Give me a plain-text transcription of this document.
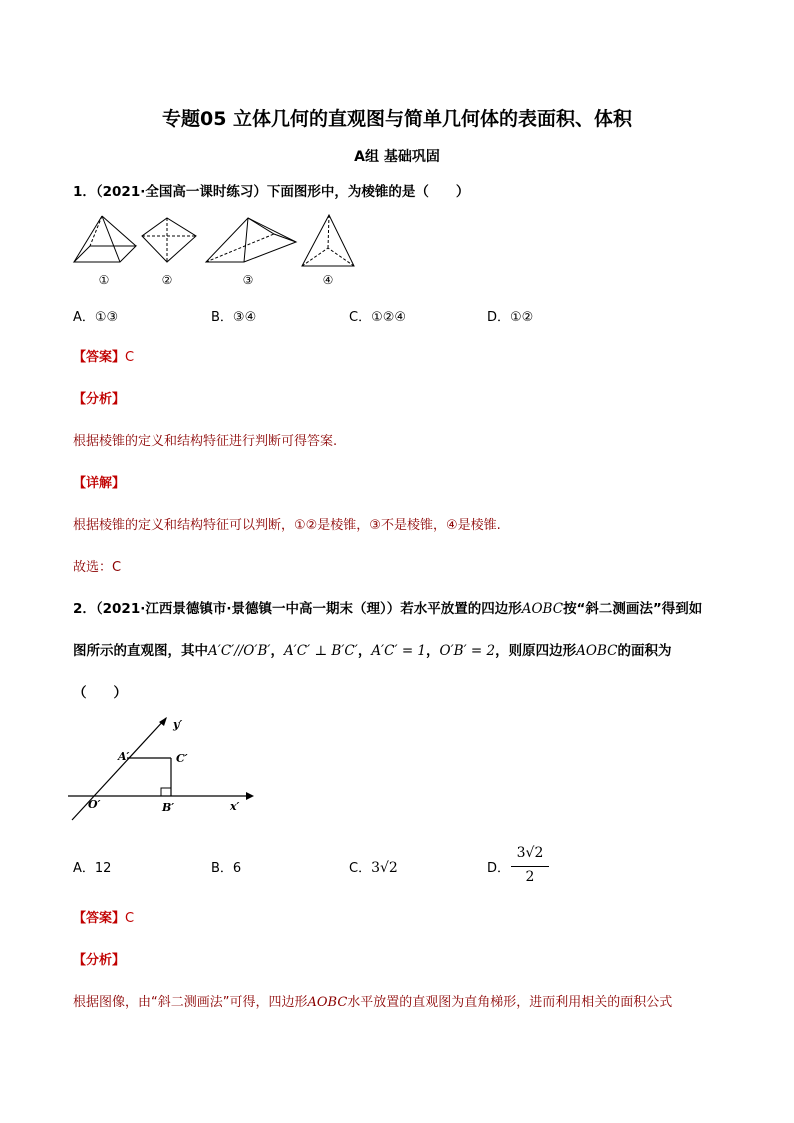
专题05 立体几何的直观图与简单几何体的表面积、体积
A组 基础巩固
1．（2021·全国高一课时练习）下面图形中，为棱锥的是（　　）
①	②	③	④
A．①③	B．③④	C．①②④	D．①②
【答案】C
【分析】
根据棱锥的定义和结构特征进行判断可得答案.
【详解】
根据棱锥的定义和结构特征可以判断，①②是棱锥，③不是棱锥，④是棱锥.
故选：C
2．（2021·江西景德镇市·景德镇一中高一期末（理））若水平放置的四边形AOBC按“斜二测画法”得到如
图所示的直观图，其中A′C′//O′B′，A′C′ ⊥ B′C′，A′C′ = 1，O′B′ = 2，则原四边形AOBC的面积为
（　　）
y′
A′	C′
O′	B′	x′
A．12	B．6	C．3√2	D．
3√2
2
【答案】C
【分析】
根据图像，由“斜二测画法”可得，四边形AOBC水平放置的直观图为直角梯形，进而利用相关的面积公式
